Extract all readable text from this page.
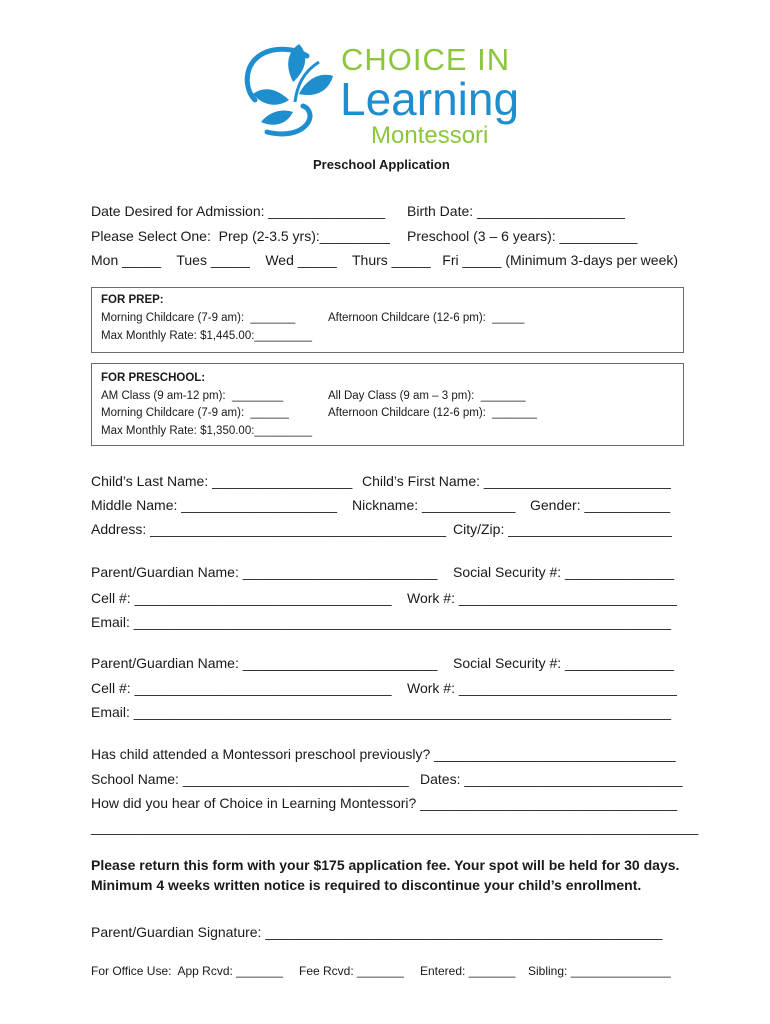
CHOICE IN
Learning
Montessori
Preschool Application
Date Desired for Admission: _______________ Birth Date: ___________________
Please Select One:  Prep (2-3.5 yrs):_________ Preschool (3 – 6 years): __________
Mon _____    Tues _____    Wed _____    Thurs _____   Fri _____ (Minimum 3-days per week)
FOR PREP:
Morning Childcare (7-9 am):  _______	Afternoon Childcare (12-6 pm):  _____
Max Monthly Rate: $1,445.00:_________
FOR PRESCHOOL:
AM Class (9 am-12 pm):  ________	All Day Class (9 am – 3 pm):  _______
Morning Childcare (7-9 am):  ______	Afternoon Childcare (12-6 pm):  _______
Max Monthly Rate: $1,350.00:_________
Child’s Last Name: __________________ Child’s First Name: ________________________
Middle Name: ____________________ Nickname: ____________ Gender: ___________
Address: ______________________________________ City/Zip: _____________________
Parent/Guardian Name: _________________________ Social Security #: ______________
Cell #: _________________________________ Work #: ____________________________
Email: _____________________________________________________________________
Parent/Guardian Name: _________________________ Social Security #: ______________
Cell #: _________________________________ Work #: ____________________________
Email: _____________________________________________________________________
Has child attended a Montessori preschool previously? _______________________________
School Name: _____________________________ Dates: ____________________________
How did you hear of Choice in Learning Montessori? _________________________________
______________________________________________________________________________
Please return this form with your $175 application fee. Your spot will be held for 30 days.
Minimum 4 weeks written notice is required to discontinue your child’s enrollment.
Parent/Guardian Signature: ___________________________________________________
For Office Use:  App Rcvd: _______ Fee Rcvd: _______ Entered: _______ Sibling: _______________
